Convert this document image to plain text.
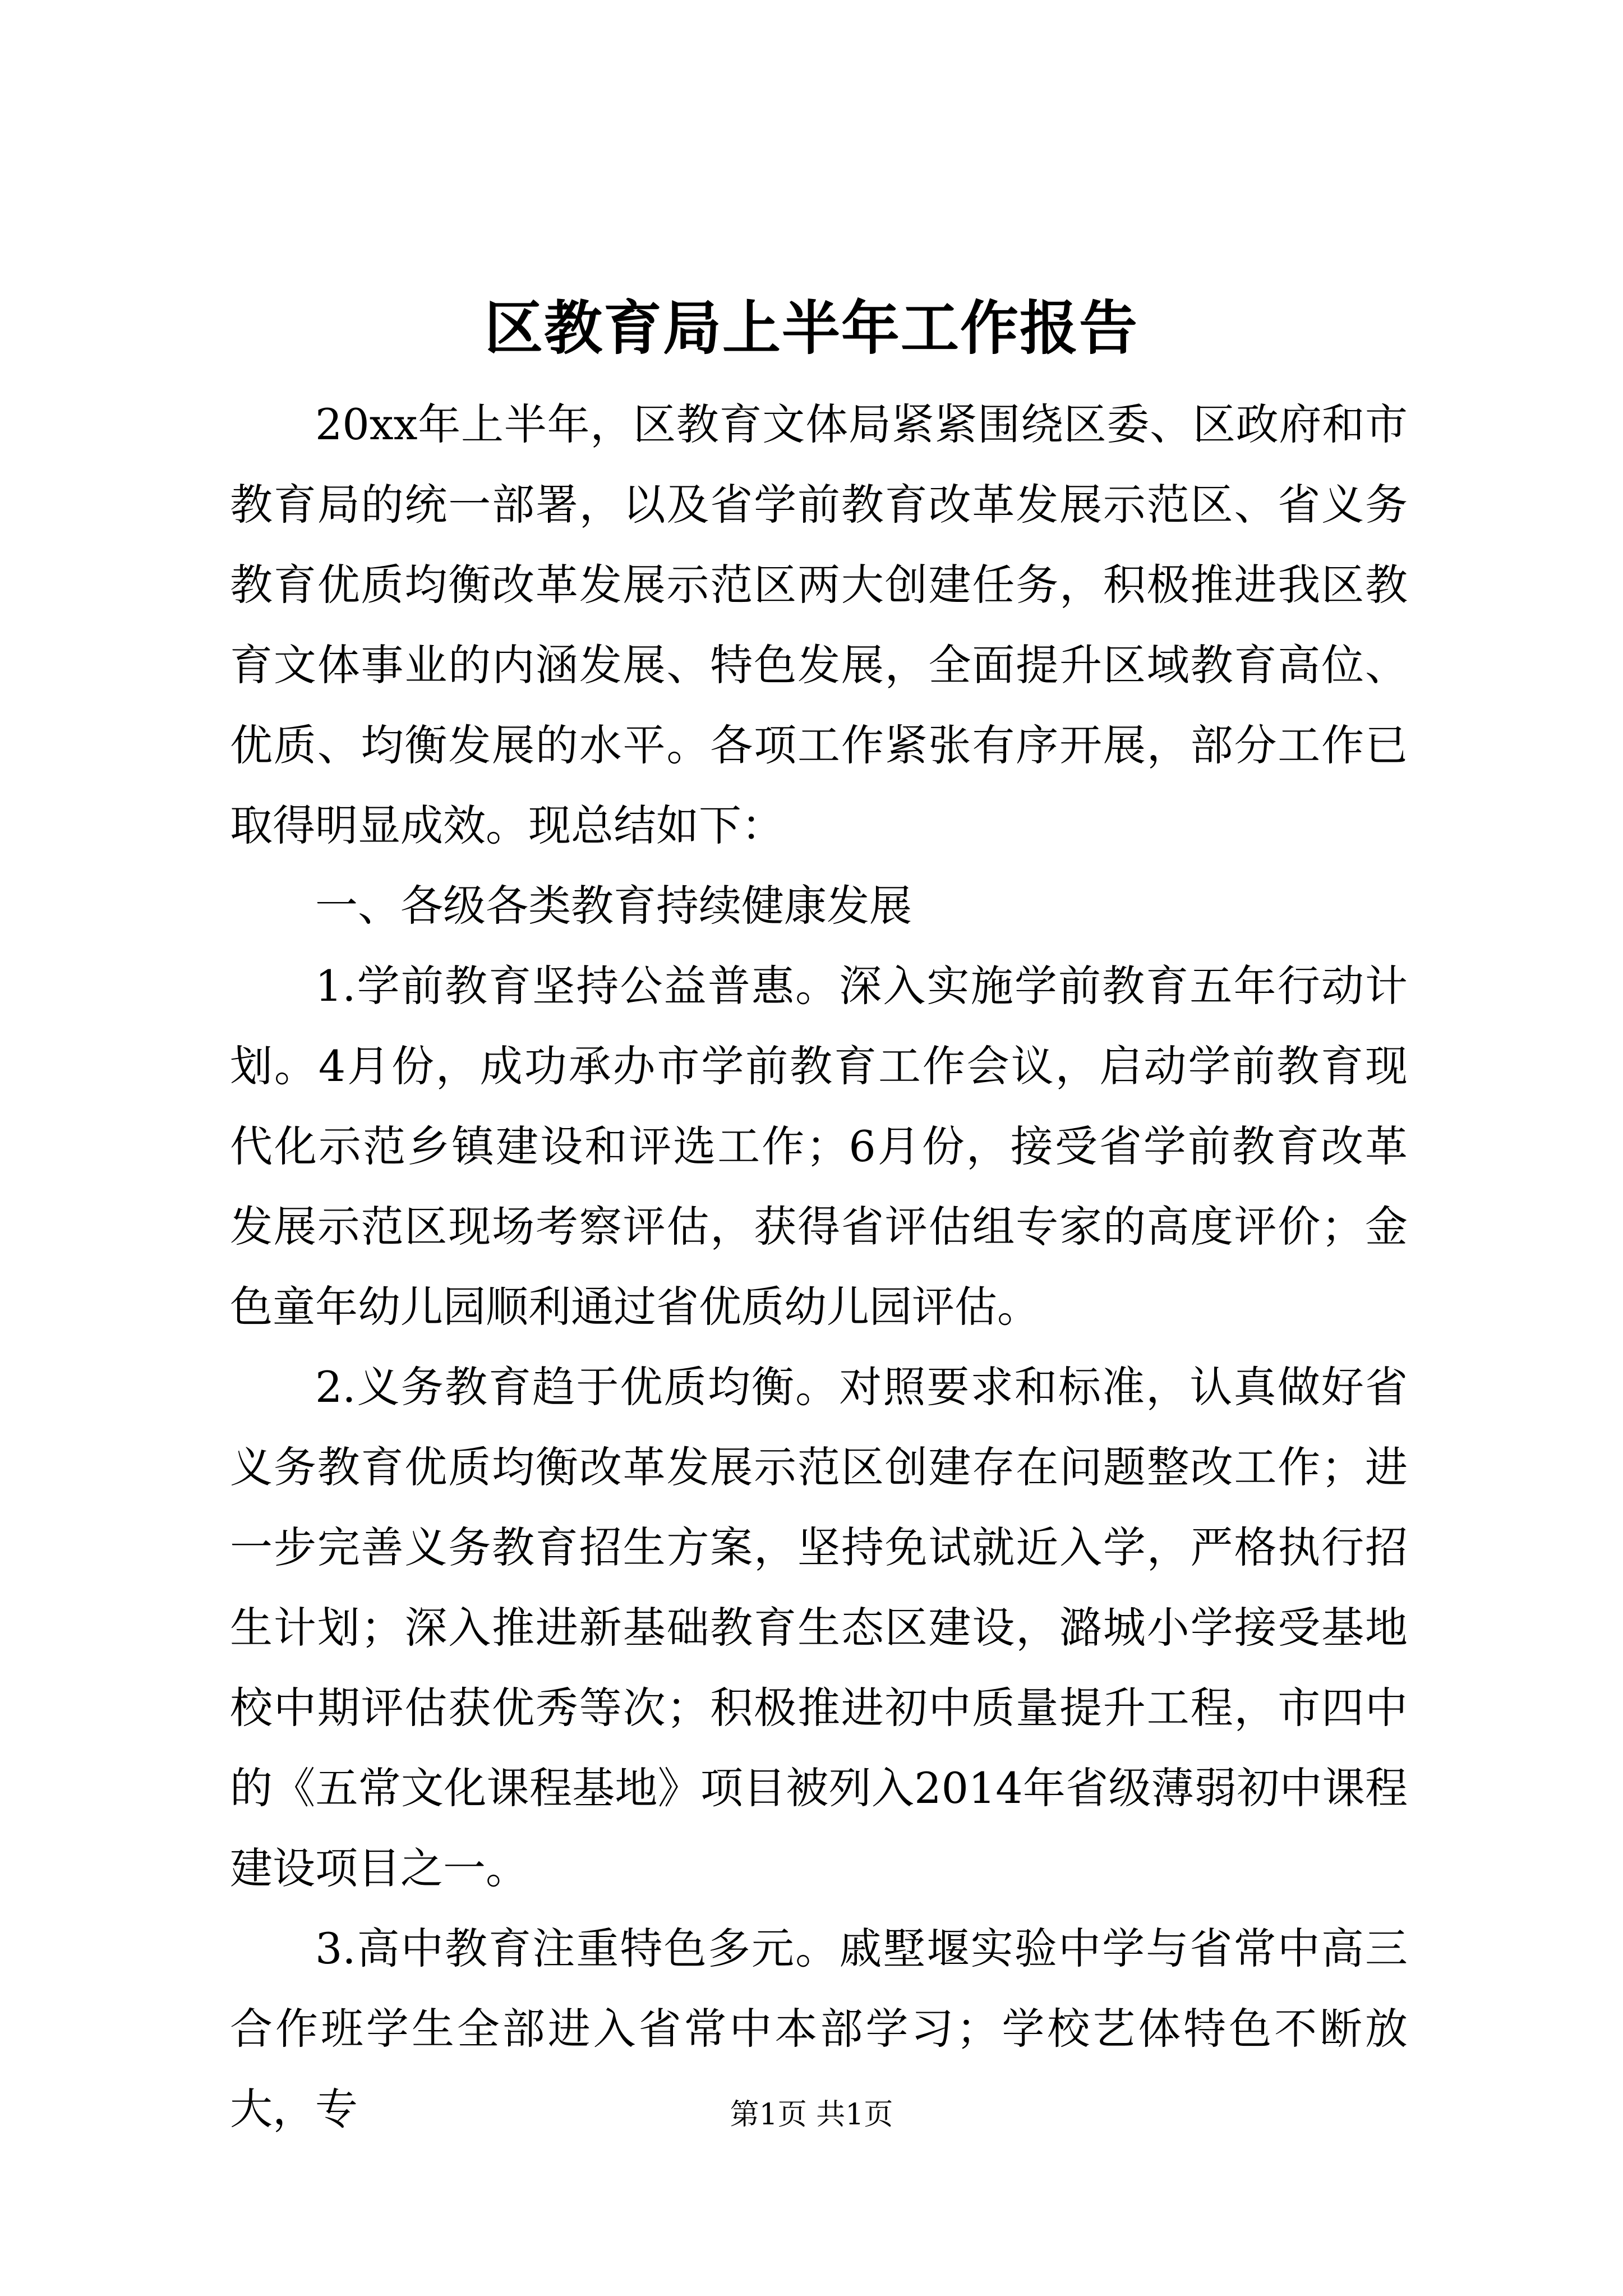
区教育局上半年工作报告

20xx年上半年，区教育文体局紧紧围绕区委、区政府和市教育局的统一部署，以及省学前教育改革发展示范区、省义务教育优质均衡改革发展示范区两大创建任务，积极推进我区教育文体事业的内涵发展、特色发展，全面提升区域教育高位、优质、均衡发展的水平。各项工作紧张有序开展，部分工作已取得明显成效。现总结如下：

一、各级各类教育持续健康发展

1.学前教育坚持公益普惠。深入实施学前教育五年行动计划。4月份，成功承办市学前教育工作会议，启动学前教育现代化示范乡镇建设和评选工作；6月份，接受省学前教育改革发展示范区现场考察评估，获得省评估组专家的高度评价；金色童年幼儿园顺利通过省优质幼儿园评估。

2.义务教育趋于优质均衡。对照要求和标准，认真做好省义务教育优质均衡改革发展示范区创建存在问题整改工作；进一步完善义务教育招生方案，坚持免试就近入学，严格执行招生计划；深入推进新基础教育生态区建设，潞城小学接受基地校中期评估获优秀等次；积极推进初中质量提升工程，市四中的《五常文化课程基地》项目被列入2014年省级薄弱初中课程建设项目之一。

3.高中教育注重特色多元。戚墅堰实验中学与省常中高三合作班学生全部进入省常中本部学习；学校艺体特色不断放大，专	第1页 共1页
